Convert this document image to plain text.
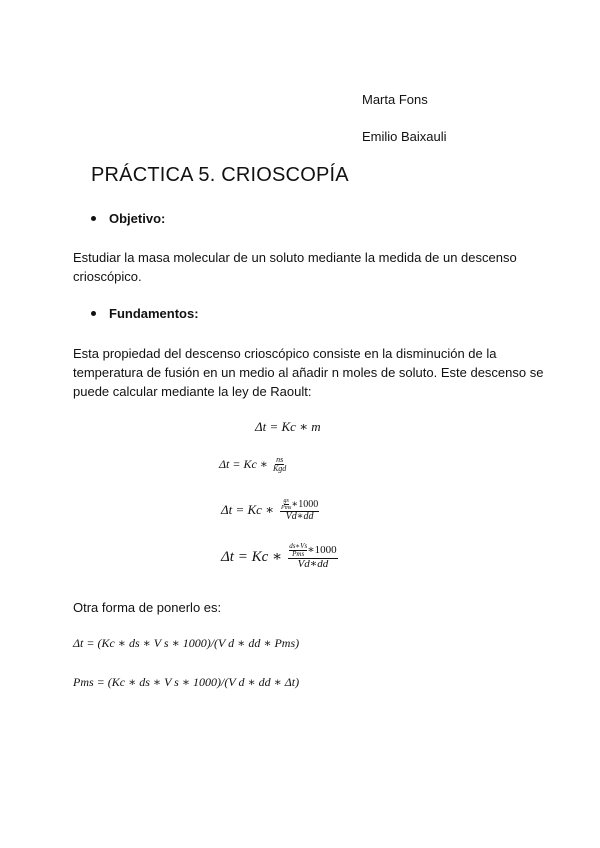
Marta Fons
Emilio Baixauli
PRÁCTICA 5. CRIOSCOPÍA
Objetivo:
Estudiar la masa molecular de un soluto mediante la medida de un descenso
crioscópico.
Fundamentos:
Esta propiedad del descenso crioscópico consiste en la disminución de la
temperatura de fusión en un medio al añadir n moles de soluto. Este descenso se
puede calcular mediante la ley de Raoult:
Δt = Kc ∗ m
Δt = Kc ∗ $\frac{ns}{\text{Kgd}}$
Δt = Kc ∗ gs
Pms ∗1000
Vd∗dd
Δt = Kc ∗ ds∗Vs
Pms ∗1000
Vd∗dd
Otra forma de ponerlo es:
Δt = (Kc ∗ ds ∗ V s ∗ 1000)/(V d ∗ dd ∗ Pms)
Pms = (Kc ∗ ds ∗ V s ∗ 1000)/(V d ∗ dd ∗ Δt)
